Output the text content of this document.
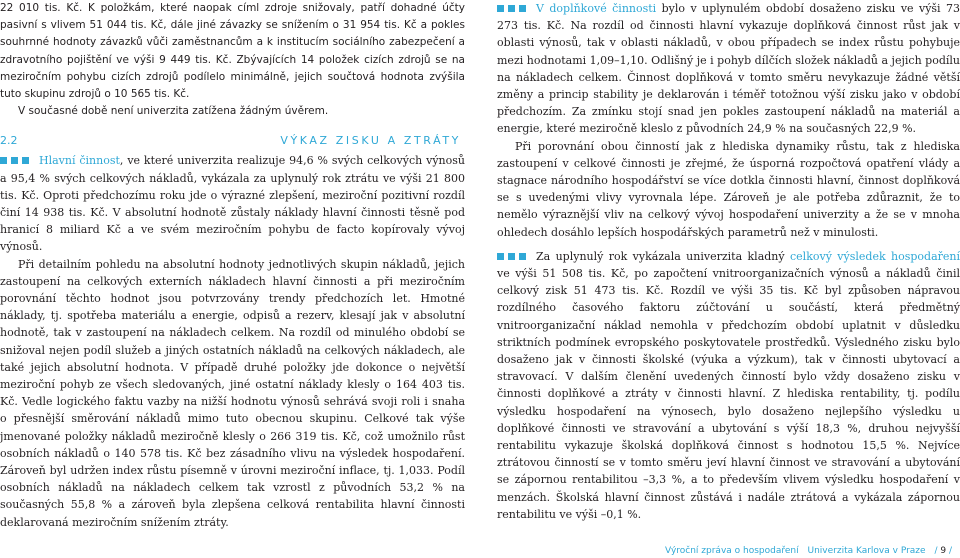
22 010 tis. Kč. K položkám, které naopak címl zdroje snižovaly, patří dohadné účty pasivní s vlivem 51 044 tis. Kč, dále jiné závazky se snížením o 31 954 tis. Kč a pokles souhrnné hodnoty závazků vůči zaměstnancům a k institucím sociálního zabezpečení a zdravotního pojištění ve výši 9 449 tis. Kč. Zbývajících 14 položek cizích zdrojů se na meziročním pohybu cizích zdrojů podílelo minimálně, jejich součtová hodnota zvýšila tuto skupinu zdrojů o 10 565 tis. Kč.

V současné době není univerzita zatížena žádným úvěrem.

2.2	VÝKAZ ZISKU A ZTRÁTY

Hlavní činnost, ve které univerzita realizuje 94,6 % svých celkových výnosů a 95,4 % svých celkových nákladů, vykázala za uplynulý rok ztrátu ve výši 21 800 tis. Kč. Oproti předchozímu roku jde o výrazné zlepšení, meziroční pozitivní rozdíl činí 14 938 tis. Kč. V absolutní hodnotě zůstaly náklady hlavní činnosti těsně pod hranicí 8 miliard Kč a ve svém meziročním pohybu de facto kopírovaly vývoj výnosů.

Při detailním pohledu na absolutní hodnoty jednotlivých skupin nákladů, jejich zastoupení na celkových externích nákladech hlavní činnosti a při meziročním porovnání těchto hodnot jsou potvrzovány trendy předchozích let. Hmotné náklady, tj. spotřeba materiálu a energie, odpisů a rezerv, klesají jak v absolutní hodnotě, tak v zastoupení na nákladech celkem. Na rozdíl od minulého období se snižoval nejen podíl služeb a jiných ostatních nákladů na celkových nákladech, ale také jejich absolutní hodnota. V případě druhé položky jde dokonce o největší meziroční pohyb ze všech sledovaných, jiné ostatní náklady klesly o 164 403 tis. Kč. Vedle logického faktu vazby na nižší hodnotu výnosů sehrává svoji roli i snaha o přesnější směrování nákladů mimo tuto obecnou skupinu. Celkové tak výše jmenované položky nákladů meziročně klesly o 266 319 tis. Kč, což umožnilo růst osobních nákladů o 140 578 tis. Kč bez zásadního vlivu na výsledek hospodaření. Zároveň byl udržen index růstu písemně v úrovni meziroční inflace, tj. 1,033. Podíl osobních nákladů na nákladech celkem tak vzrostl z původních 53,2 % na současných 55,8 % a zároveň byla zlepšena celková rentabilita hlavní činnosti deklarovaná meziročním snížením ztráty.

V doplňkové činnosti bylo v uplynulém období dosaženo zisku ve výši 73 273 tis. Kč. Na rozdíl od činnosti hlavní vykazuje doplňková činnost růst jak v oblasti výnosů, tak v oblasti nákladů, v obou případech se index růstu pohybuje mezi hodnotami 1,09–1,10. Odlišný je i pohyb dílčích složek nákladů a jejich podílu na nákladech celkem. Činnost doplňková v tomto směru nevykazuje žádné větší změny a princip stability je deklarován i téměř totožnou výší zisku jako v období předchozím. Za zmínku stojí snad jen pokles zastoupení nákladů na materiál a energie, které meziročně kleslo z původních 24,9 % na současných 22,9 %.

Při porovnání obou činností jak z hlediska dynamiky růstu, tak z hlediska zastoupení v celkové činnosti je zřejmé, že úsporná rozpočtová opatření vlády a stagnace národního hospodářství se více dotkla činnosti hlavní, činnost doplňková se s uvedenými vlivy vyrovnala lépe. Zároveň je ale potřeba zdůraznit, že to nemělo výraznější vliv na celkový vývoj hospodaření univerzity a že se v mnoha ohledech dosáhlo lepších hospodářských parametrů než v minulosti.

Za uplynulý rok vykázala univerzita kladný celkový výsledek hospodaření ve výši 51 508 tis. Kč, po započtení vnitroorganizačních výnosů a nákladů činil celkový zisk 51 473 tis. Kč. Rozdíl ve výši 35 tis. Kč byl způsoben nápravou rozdílného časového faktoru zúčtování u součástí, která předmětný vnitroorganizační náklad nemohla v předchozím období uplatnit v důsledku striktních podmínek evropského poskytovatele prostředků. Výsledného zisku bylo dosaženo jak v činnosti školské (výuka a výzkum), tak v činnosti ubytovací a stravovací. V dalším členění uvedených činností bylo vždy dosaženo zisku v činnosti doplňkové a ztráty v činnosti hlavní. Z hlediska rentability, tj. podílu výsledku hospodaření na výnosech, bylo dosaženo nejlepšího výsledku u doplňkové činnosti ve stravování a ubytování s výší 18,3 %, druhou nejvyšší rentabilitu vykazuje školská doplňková činnost s hodnotou 15,5 %. Nejvíce ztrátovou činností se v tomto směru jeví hlavní činnost ve stravování a ubytování se zápornou rentabilitou –3,3 %, a to především vlivem výsledku hospodaření v menzách. Školská hlavní činnost zůstává i nadále ztrátová a vykázala zápornou rentabilitu ve výši –0,1 %.

Výroční zpráva o hospodaření Univerzita Karlova v Praze / 9 /
